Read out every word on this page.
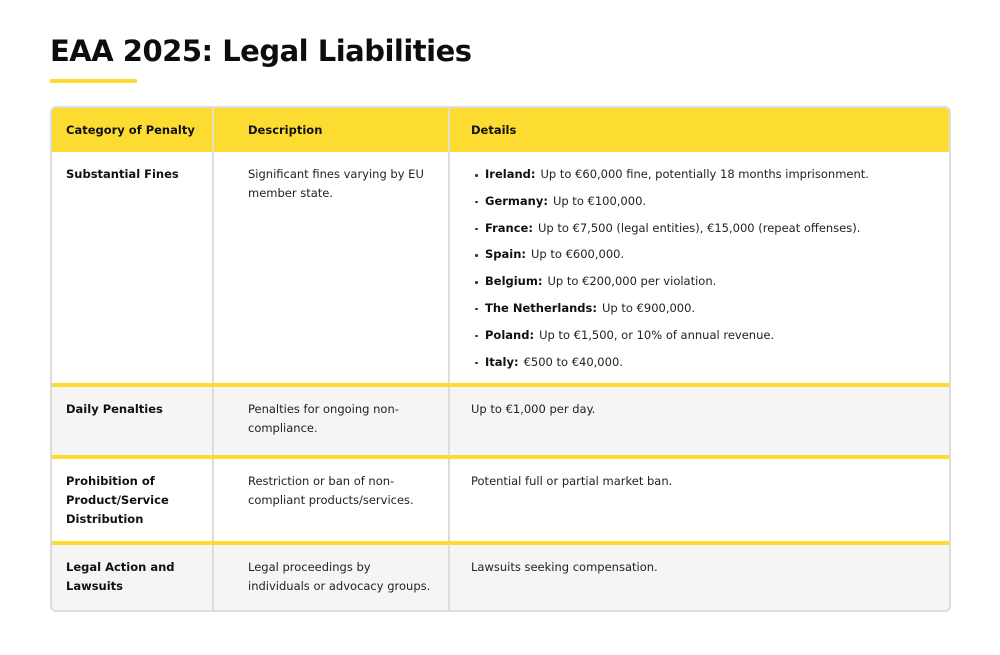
EAA 2025: Legal Liabilities
Category of Penalty	Description	Details
Substantial Fines	Significant fines varying by EU member state.	
Ireland: Up to €60,000 fine, potentially 18 months imprisonment.
Germany: Up to €100,000.
France: Up to €7,500 (legal entities), €15,000 (repeat offenses).
Spain: Up to €600,000.
Belgium: Up to €200,000 per violation.
The Netherlands: Up to €900,000.
Poland: Up to €1,500, or 10% of annual revenue.
Italy: €500 to €40,000.

Daily Penalties	Penalties for ongoing non-compliance.	Up to €1,000 per day.
Prohibition of Product/Service Distribution	Restriction or ban of non-compliant products/services.	Potential full or partial market ban.
Legal Action and Lawsuits	Legal proceedings by individuals or advocacy groups.	Lawsuits seeking compensation.
